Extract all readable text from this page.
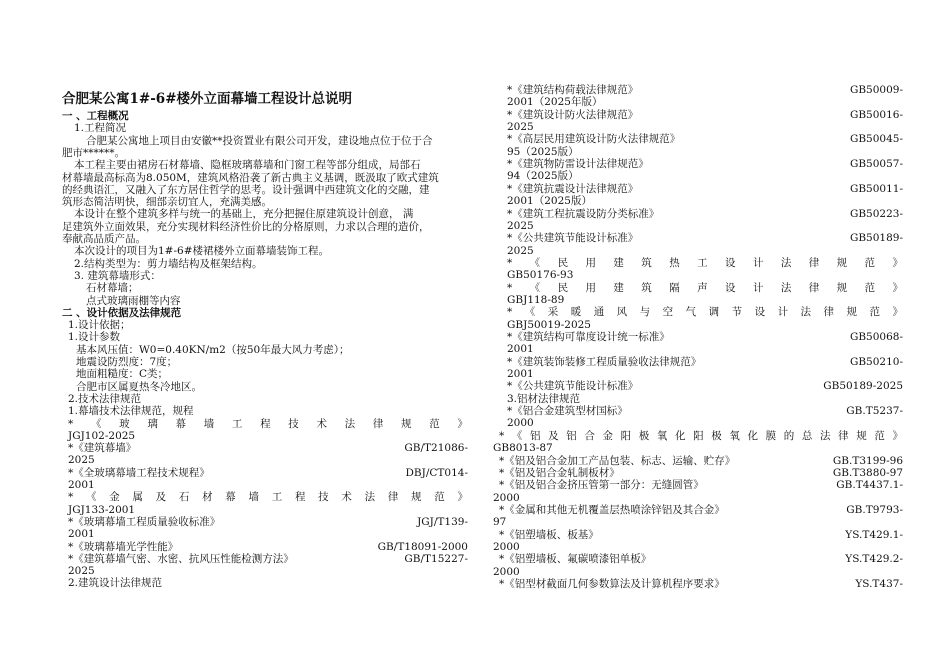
合肥某公寓1#-6#楼外立面幕墙工程设计总说明
一 、工程概况
1.工程简况
合肥某公寓地上项目由安徽**投资置业有限公司开发，建设地点位于位于合
肥市******。
本工程主要由裙房石材幕墙、隐框玻璃幕墙和门窗工程等部分组成，局部石
材幕墙最高标高为8.050M，建筑风格沿袭了新古典主义基调，既汲取了欧式建筑
的经典语汇，又融入了东方居住哲学的思考。设计强调中西建筑文化的交融，建
筑形态简洁明快，细部亲切宜人，充满美感。
本设计在整个建筑多样与统一的基础上，充分把握住原建筑设计创意， 满
足建筑外立面效果，充分实现材料经济性价比的分格原则，力求以合理的造价，
奉献高品质产品。
本次设计的项目为1#-6#楼裙楼外立面幕墙装饰工程。
2.结构类型为：剪力墙结构及框架结构。
3. 建筑幕墙形式：
石材幕墙；
点式玻璃雨棚等内容
二 、设计依据及法律规范
1.设计依据；
1.设计参数
基本风压值：W0=0.40KN/m2（按50年最大风力考虑）；
地震设防烈度：7度；
地面粗糙度：C类；
合肥市区属夏热冬冷地区。
2.技术法律规范
1.幕墙技术法律规范，规程
* 《 玻 璃 幕 墙 工 程 技 术 法 律 规 范 》
JGJ102-2025
*《建筑幕墙》	GB/T21086-
2025
*《全玻璃幕墙工程技术规程》	DBJ/CT014-
2001
* 《 金 属 及 石 材 幕 墙 工 程 技 术 法 律 规 范 》
JGJ133-2001
*《玻璃幕墙工程质量验收标准》	JGJ/T139-
2001
*《玻璃幕墙光学性能》	GB/T18091-2000
*《建筑幕墙气密、水密、抗风压性能检测方法》	GB/T15227-
2025
2.建筑设计法律规范
*《建筑结构荷载法律规范》	GB50009-
2001（2025年版）
*《建筑设计防火法律规范》	GB50016-
2025
*《高层民用建筑设计防火法律规范》	GB50045-
95（2025版）
*《建筑物防雷设计法律规范》	GB50057-
94（2025版）
*《建筑抗震设计法律规范》	GB50011-
2001（2025版）
*《建筑工程抗震设防分类标准》	GB50223-
2025
*《公共建筑节能设计标准》	GB50189-
2025
* 《 民 用 建 筑 热 工 设 计 法 律 规 范 》
GB50176-93
* 《 民 用 建 筑 隔 声 设 计 法 律 规 范 》
GBJ118-89
* 《 采 暖 通 风 与 空 气 调 节 设 计 法 律 规 范 》
GBJ50019-2025
*《建筑结构可靠度设计统一标准》	GB50068-
2001
*《建筑装饰装修工程质量验收法律规范》	GB50210-
2001
*《公共建筑节能设计标准》	GB50189-2025
3.铝材法律规范
*《铝合金建筑型材国标》	GB.T5237-
2000
* 《 铝 及 铝 合 金 阳 极 氧 化 阳 极 氧 化 膜 的 总 法 律 规 范 》
GB8013-87
*《铝及铝合金加工产品包装、标志、运输、贮存》	GB.T3199-96
*《铝及铝合金轧制板材》	GB.T3880-97
*《铝及铝合金挤压管第一部分：无缝圆管》	GB.T4437.1-
2000
*《金属和其他无机覆盖层热喷涂锌铝及其合金》	GB.T9793-
97
*《铝塑墙板、板基》	YS.T429.1-
2000
*《铝塑墙板、氟碳喷漆铝单板》	YS.T429.2-
2000
*《铝型材截面几何参数算法及计算机程序要求》	YS.T437-
